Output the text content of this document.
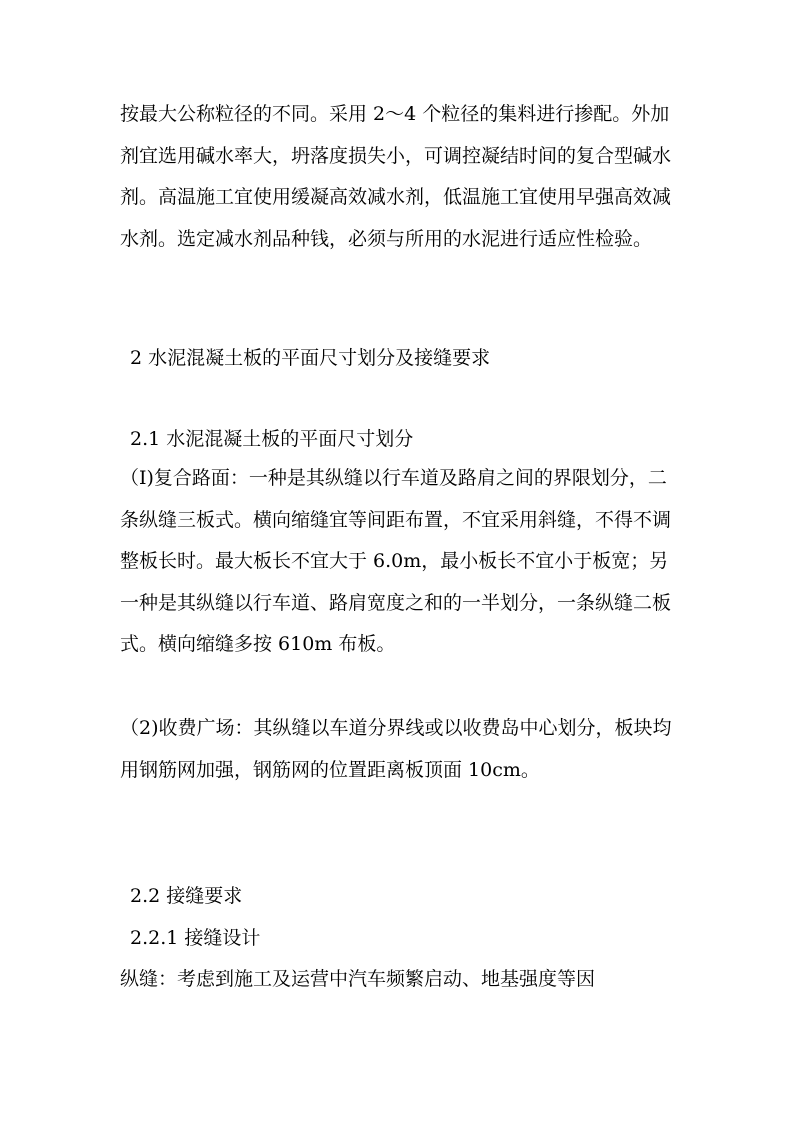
按最大公称粒径的不同。采用 2～4 个粒径的集料进行掺配。外加剂宜选用碱水率大，坍落度损失小，可调控凝结时间的复合型碱水剂。高温施工宜使用缓凝高效减水剂，低温施工宜使用早强高效减水剂。选定减水剂品种钱，必须与所用的水泥进行适应性检验。
2 水泥混凝土板的平面尺寸划分及接缝要求
2.1 水泥混凝土板的平面尺寸划分
（I)复合路面：一种是其纵缝以行车道及路肩之间的界限划分，二条纵缝三板式。横向缩缝宜等间距布置，不宜采用斜缝，不得不调整板长时。最大板长不宜大于 6.0m，最小板长不宜小于板宽；另一种是其纵缝以行车道、路肩宽度之和的一半划分，一条纵缝二板式。横向缩缝多按 610m 布板。
（2)收费广场：其纵缝以车道分界线或以收费岛中心划分，板块均用钢筋网加强，钢筋网的位置距离板顶面 10cm。
2.2 接缝要求
2.2.1 接缝设计
纵缝：考虑到施工及运营中汽车频繁启动、地基强度等因
